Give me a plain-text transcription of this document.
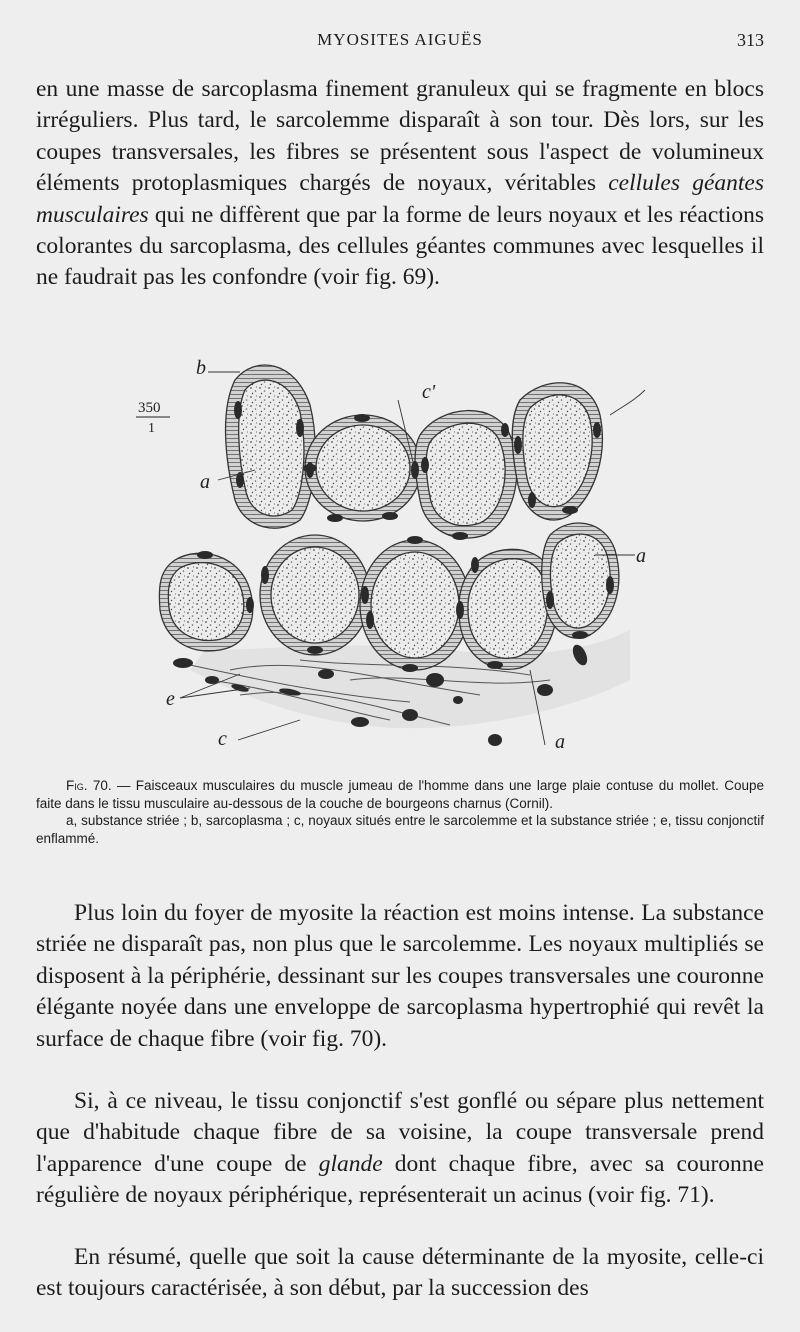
MYOSITES AIGUËS	313

en une masse de sarcoplasma finement granuleux qui se fragmente en blocs irréguliers. Plus tard, le sarcolemme disparaît à son tour. Dès lors, sur les coupes transversales, les fibres se présentent sous l'aspect de volumineux éléments protoplasmiques chargés de noyaux, véritables cellules géantes musculaires qui ne diffèrent que par la forme de leurs noyaux et les réactions colorantes du sarcoplasma, des cellules géantes communes avec lesquelles il ne faudrait pas les confondre (voir fig. 69).

350
1
b
c'
a
a
e
c	a
Fig. 70. — Faisceaux musculaires du muscle jumeau de l'homme dans une large plaie contuse du mollet. Coupe faite dans le tissu musculaire au-dessous de la couche de bourgeons charnus (Cornil).
a, substance striée ; b, sarcoplasma ; c, noyaux situés entre le sarcolemme et la substance striée ; e, tissu conjonctif enflammé.

Plus loin du foyer de myosite la réaction est moins intense. La substance striée ne disparaît pas, non plus que le sarcolemme. Les noyaux multipliés se disposent à la périphérie, dessinant sur les coupes transversales une couronne élégante noyée dans une enveloppe de sarcoplasma hypertrophié qui revêt la surface de chaque fibre (voir fig. 70).

Si, à ce niveau, le tissu conjonctif s'est gonflé ou sépare plus nettement que d'habitude chaque fibre de sa voisine, la coupe transversale prend l'apparence d'une coupe de glande dont chaque fibre, avec sa couronne régulière de noyaux périphérique, représenterait un acinus (voir fig. 71).

En résumé, quelle que soit la cause déterminante de la myosite, celle-ci est toujours caractérisée, à son début, par la succession des
